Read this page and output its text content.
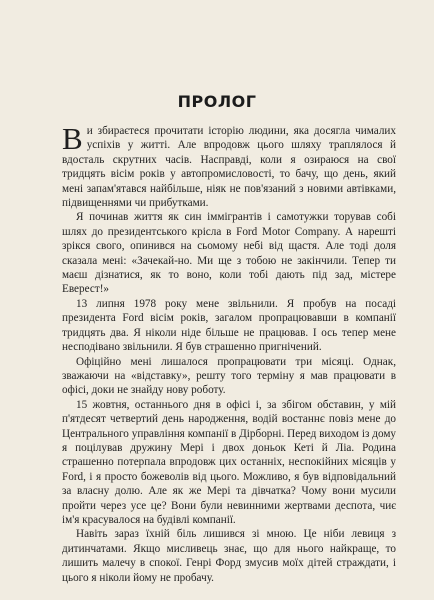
ПРОЛОГ

Ви збираєтеся прочитати історію людини, яка досягла чималих успіхів у житті. Але впродовж цього шляху траплялося й вдосталь скрутних часів. Насправді, коли я озираюся на свої тридцять вісім років у автопромисловості, то бачу, що день, який мені запам'ятався найбільше, ніяк не пов'язаний з новими автівками, підвищеннями чи прибутками.

Я починав життя як син іммігрантів і самотужки торував собі шлях до президентського крісла в Ford Motor Company. А нарешті зрікся свого, опинився на сьомому небі від щастя. Але тоді доля сказала мені: «Зачекай-но. Ми ще з тобою не закінчили. Тепер ти маєш дізнатися, як то воно, коли тобі дають під зад, містере Еверест!»

13 липня 1978 року мене звільнили. Я пробув на посаді президента Ford вісім років, загалом пропрацювавши в компанії тридцять два. Я ніколи ніде більше не працював. І ось тепер мене несподівано звільнили. Я був страшенно пригнічений.

Офіційно мені лишалося пропрацювати три місяці. Однак, зважаючи на «відставку», решту того терміну я мав працювати в офісі, доки не знайду нову роботу.

15 жовтня, останнього дня в офісі і, за збігом обставин, у мій п'ятдесят четвертий день народження, водій востаннє повіз мене до Центрального управління компанії в Дірборні. Перед виходом із дому я поцілував дружину Мері і двох доньок Кеті й Ліа. Родина страшенно потерпала впродовж цих останніх, неспокійних місяців у Ford, і я просто божеволів від цього. Можливо, я був відповідальний за власну долю. Але як же Мері та дівчатка? Чому вони мусили пройти через усе це? Вони були невинними жертвами деспота, чиє ім'я красувалося на будівлі компанії.

Навіть зараз їхній біль лишився зі мною. Це ніби левиця з дитинчатами. Якщо мисливець знає, що для нього найкраще, то лишить малечу в спокої. Генрі Форд змусив моїх дітей страждати, і цього я ніколи йому не пробачу.
